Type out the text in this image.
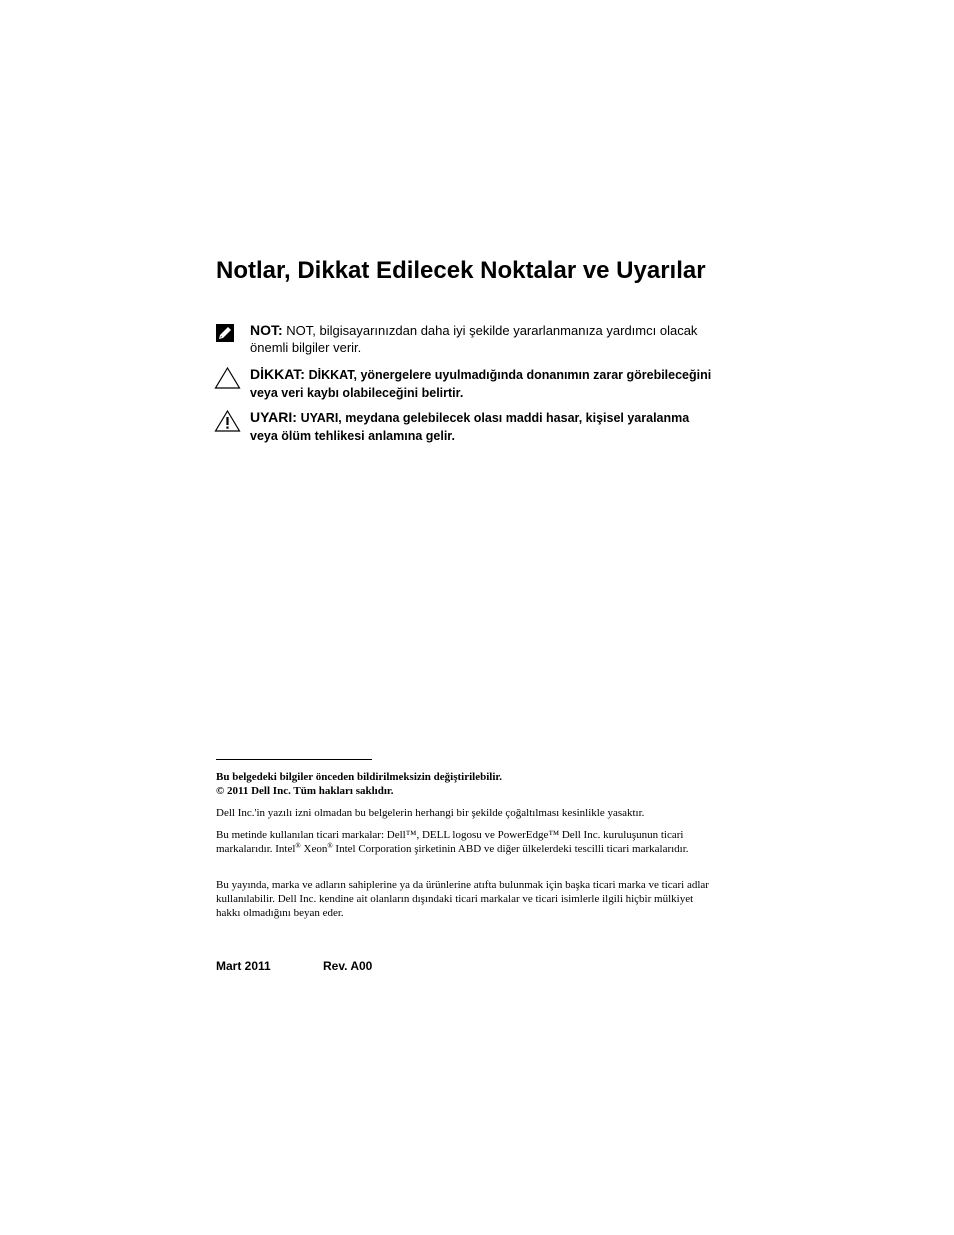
Notlar, Dikkat Edilecek Noktalar ve Uyarılar
NOT: NOT, bilgisayarınızdan daha iyi şekilde yararlanmanıza yardımcı olacak önemli bilgiler verir.
DİKKAT: DİKKAT, yönergelere uyulmadığında donanımın zarar görebileceğini veya veri kaybı olabileceğini belirtir.
UYARI: UYARI, meydana gelebilecek olası maddi hasar, kişisel yaralanma veya ölüm tehlikesi anlamına gelir.

Bu belgedeki bilgiler önceden bildirilmeksizin değiştirilebilir.

© 2011 Dell Inc. Tüm hakları saklıdır.

Dell Inc.'in yazılı izni olmadan bu belgelerin herhangi bir şekilde çoğaltılması kesinlikle yasaktır.

Bu metinde kullanılan ticari markalar: Dell™, DELL logosu ve PowerEdge™ Dell Inc. kuruluşunun ticari markalarıdır. Intel® Xeon® Intel Corporation şirketinin ABD ve diğer ülkelerdeki tescilli ticari markalarıdır.

Bu yayında, marka ve adların sahiplerine ya da ürünlerine atıfta bulunmak için başka ticari marka ve ticari adlar kullanılabilir. Dell Inc. kendine ait olanların dışındaki ticari markalar ve ticari isimlerle ilgili hiçbir mülkiyet hakkı olmadığını beyan eder.

Mart 2011	Rev. A00
